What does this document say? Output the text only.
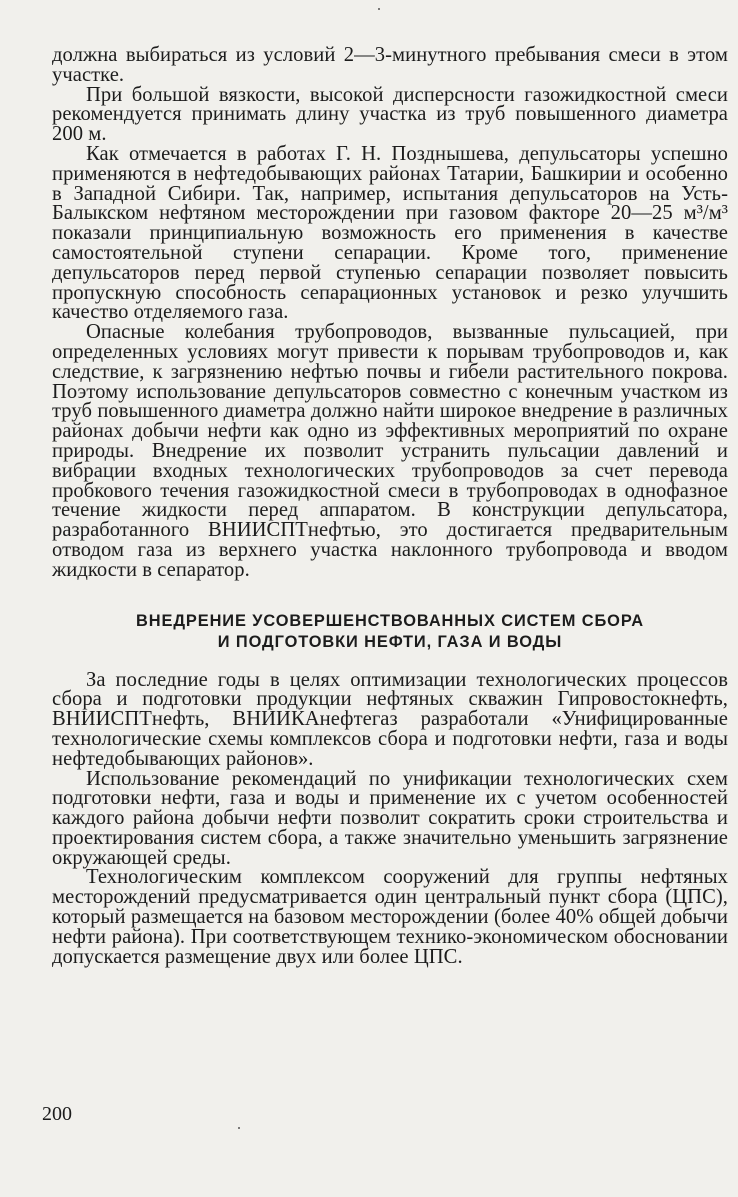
должна выбираться из условий 2—3-минутного пребывания смеси в этом участке.

При большой вязкости, высокой дисперсности газожидкостной смеси рекомендуется принимать длину участка из труб повышенного диаметра 200 м.

Как отмечается в работах Г. Н. Позднышева, депульсаторы успешно применяются в нефтедобывающих районах Татарии, Башкирии и особенно в Западной Сибири. Так, например, испытания депульсаторов на Усть-Балыкском нефтяном месторождении при газовом факторе 20—25 м³/м³ показали принципиальную возможность его применения в качестве самостоятельной ступени сепарации. Кроме того, применение депульсаторов перед первой ступенью сепарации позволяет повысить пропускную способность сепарационных установок и резко улучшить качество отделяемого газа.

Опасные колебания трубопроводов, вызванные пульсацией, при определенных условиях могут привести к порывам трубопроводов и, как следствие, к загрязнению нефтью почвы и гибели растительного покрова. Поэтому использование депульсаторов совместно с конечным участком из труб повышенного диаметра должно найти широкое внедрение в различных районах добычи нефти как одно из эффективных мероприятий по охране природы. Внедрение их позволит устранить пульсации давлений и вибрации входных технологических трубопроводов за счет перевода пробкового течения газожидкостной смеси в трубопроводах в однофазное течение жидкости перед аппаратом. В конструкции депульсатора, разработанного ВНИИСПТнефтью, это достигается предварительным отводом газа из верхнего участка наклонного трубопровода и вводом жидкости в сепаратор.

ВНЕДРЕНИЕ УСОВЕРШЕНСТВОВАННЫХ СИСТЕМ СБОРА
И ПОДГОТОВКИ НЕФТИ, ГАЗА И ВОДЫ

За последние годы в целях оптимизации технологических процессов сбора и подготовки продукции нефтяных скважин Гипровостокнефть, ВНИИСПТнефть, ВНИИКАнефтегаз разработали «Унифицированные технологические схемы комплексов сбора и подготовки нефти, газа и воды нефтедобывающих районов».

Использование рекомендаций по унификации технологических схем подготовки нефти, газа и воды и применение их с учетом особенностей каждого района добычи нефти позволит сократить сроки строительства и проектирования систем сбора, а также значительно уменьшить загрязнение окружающей среды.

Технологическим комплексом сооружений для группы нефтяных месторождений предусматривается один центральный пункт сбора (ЦПС), который размещается на базовом месторождении (более 40% общей добычи нефти района). При соответствующем технико-экономическом обосновании допускается размещение двух или более ЦПС.

200
